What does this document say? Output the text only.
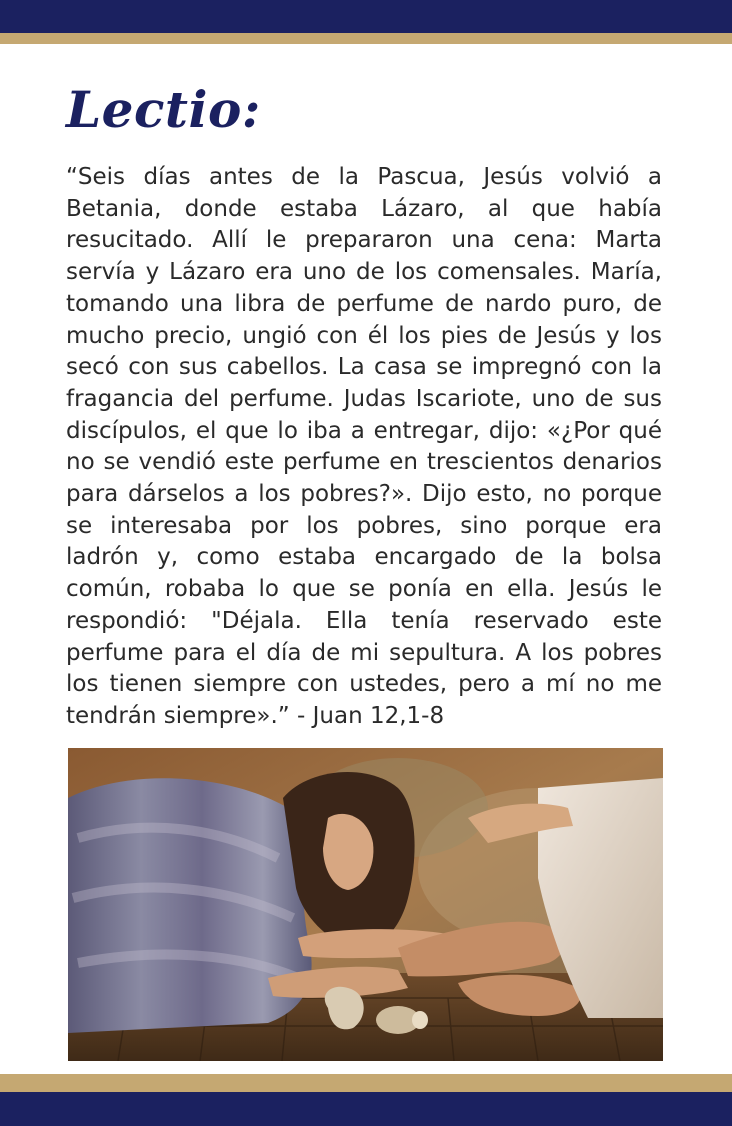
Lectio:

“Seis días antes de la Pascua, Jesús volvió a
Betania, donde estaba Lázaro, al que había
resucitado. Allí le prepararon una cena: Marta
servía y Lázaro era uno de los comensales. María,
tomando una libra de perfume de nardo puro, de
mucho precio, ungió con él los pies de Jesús y los
secó con sus cabellos. La casa se impregnó con la
fragancia del perfume. Judas Iscariote, uno de sus
discípulos, el que lo iba a entregar, dijo: «¿Por qué
no se vendió este perfume en trescientos denarios
para dárselos a los pobres?». Dijo esto, no porque
se interesaba por los pobres, sino porque era
ladrón y, como estaba encargado de la bolsa
común, robaba lo que se ponía en ella. Jesús le
respondió: "Déjala. Ella tenía reservado este
perfume para el día de mi sepultura. A los pobres
los tienen siempre con ustedes, pero a mí no me
tendrán siempre».” - Juan 12,1-8
